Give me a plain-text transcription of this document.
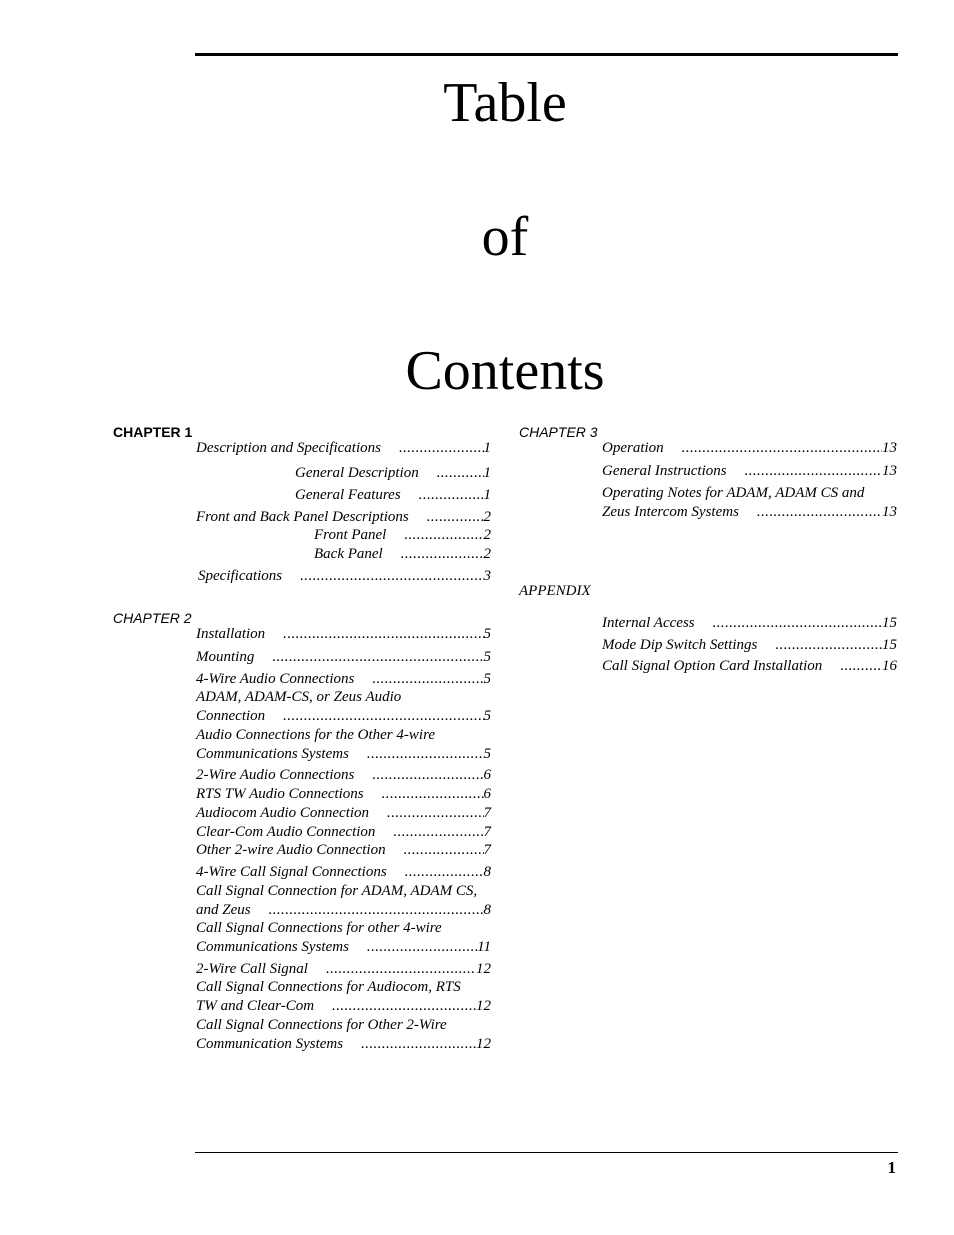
Table
of
Contents
CHAPTER 1
Description and Specifications .....	1
General Description .....	1
General Features .....	1
Front and Back Panel Descriptions .....	2
Front Panel .....	2
Back Panel .....	2
Specifications .....	3
CHAPTER 2
Installation .....	5
Mounting .....	5
4-Wire Audio Connections .....	5
ADAM, ADAM-CS, or Zeus Audio
Connection .....	5
Audio Connections for the Other 4-wire
Communications Systems .....	5
2-Wire Audio Connections .....	6
RTS TW Audio Connections .....	6
Audiocom Audio Connection .....	7
Clear-Com Audio Connection .....	7
Other 2-wire Audio Connection .....	7
4-Wire Call Signal Connections .....	8
Call Signal Connection for ADAM, ADAM CS,
and Zeus .....	8
Call Signal Connections for other 4-wire
Communications Systems .....	11
2-Wire Call Signal .....	12
Call Signal Connections for Audiocom, RTS
TW and Clear-Com .....	12
Call Signal Connections for Other 2-Wire
Communication Systems .....	12
CHAPTER 3
Operation .....	13
General Instructions .....	13
Operating Notes for ADAM, ADAM CS and
Zeus Intercom Systems .....	13
APPENDIX
Internal Access .....	15
Mode Dip Switch Settings .....	15
Call Signal Option Card Installation .....	16
1
